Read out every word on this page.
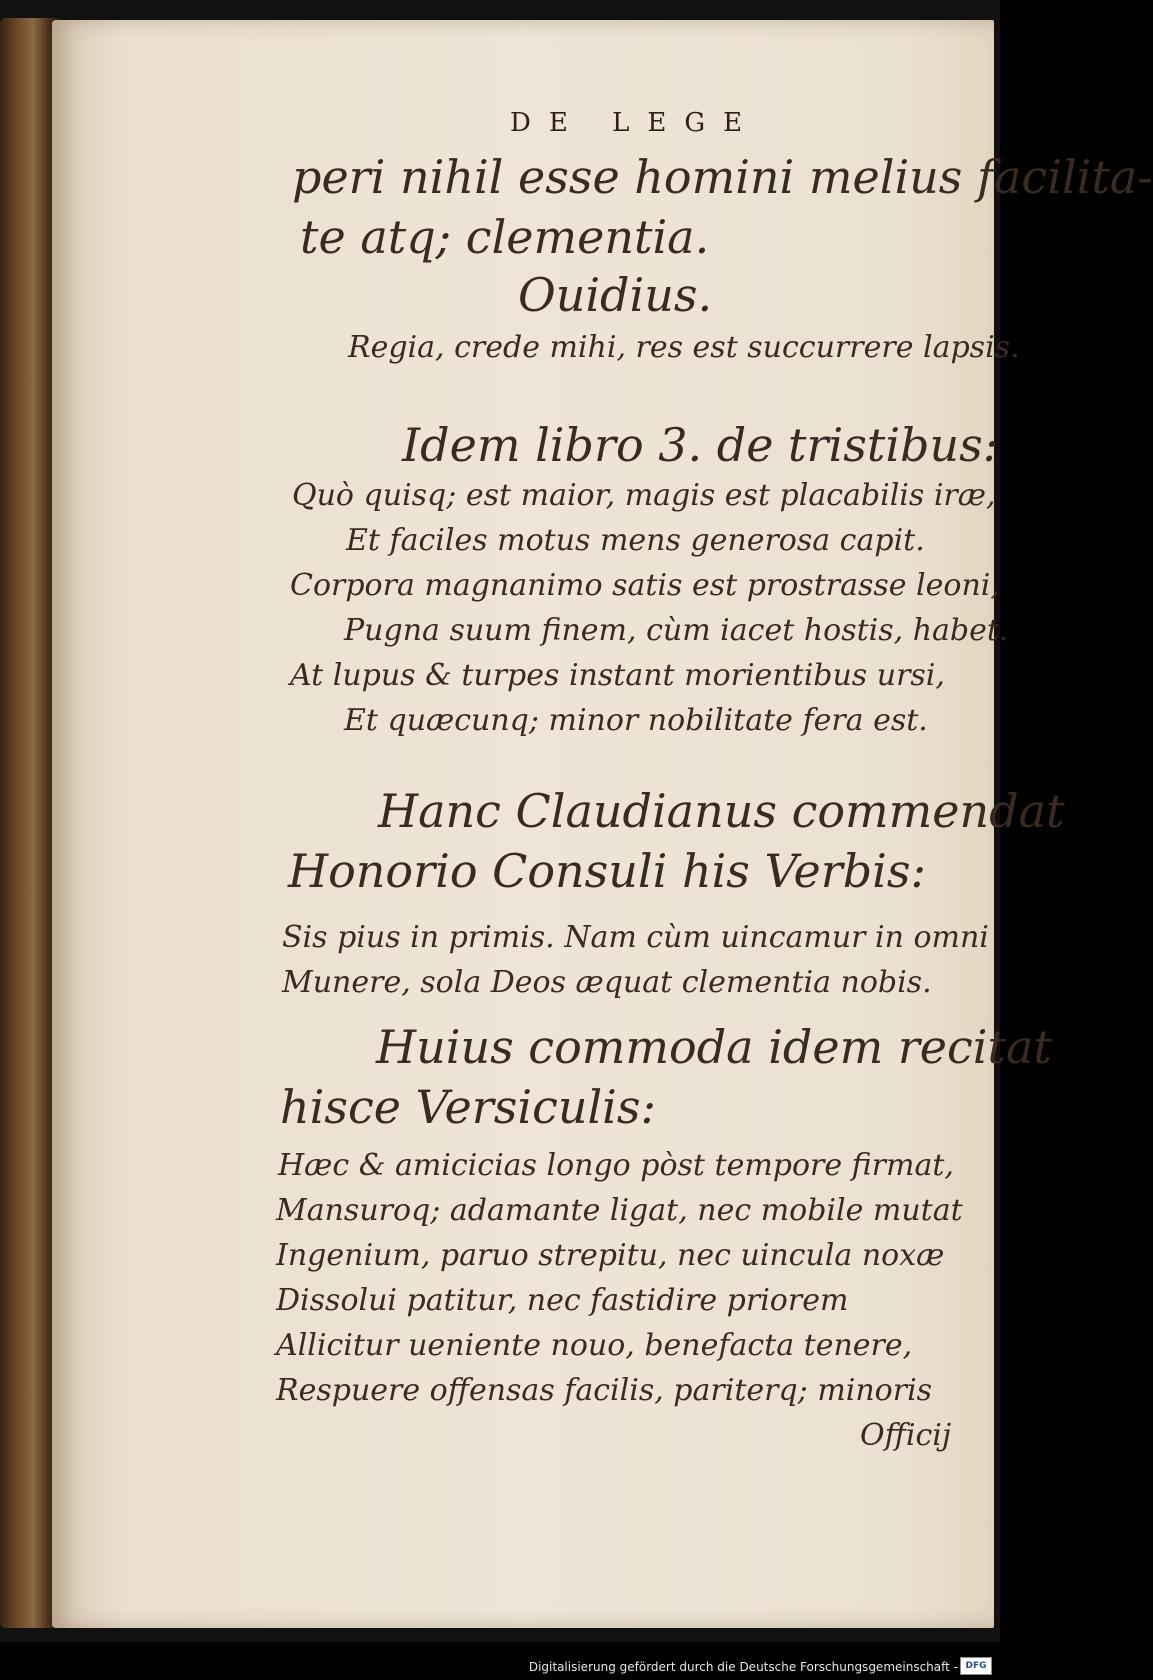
DE LEGE
peri nihil esse homini melius facilita-
te atq; clementia.
Ouidius.
Regia, crede mihi, res est succurrere lapsis.
Idem libro 3. de tristibus:
Quò quisq; est maior, magis est placabilis iræ,
Et faciles motus mens generosa capit.
Corpora magnanimo satis est prostrasse leoni,
Pugna suum finem, cùm iacet hostis, habet.
At lupus & turpes instant morientibus ursi,
Et quæcunq; minor nobilitate fera est.
Hanc Claudianus commendat
Honorio Consuli his Verbis:
Sis pius in primis. Nam cùm uincamur in omni
Munere, sola Deos æquat clementia nobis.
Huius commoda idem recitat
hisce Versiculis:
Hæc & amicicias longo pòst tempore firmat,
Mansuroq; adamante ligat, nec mobile mutat
Ingenium, paruo strepitu, nec uincula noxæ
Dissolui patitur, nec fastidire priorem
Allicitur ueniente nouo, benefacta tenere,
Respuere offensas facilis, pariterq; minoris
Officij
Digitalisierung gefördert durch die Deutsche Forschungsgemeinschaft - DFG
